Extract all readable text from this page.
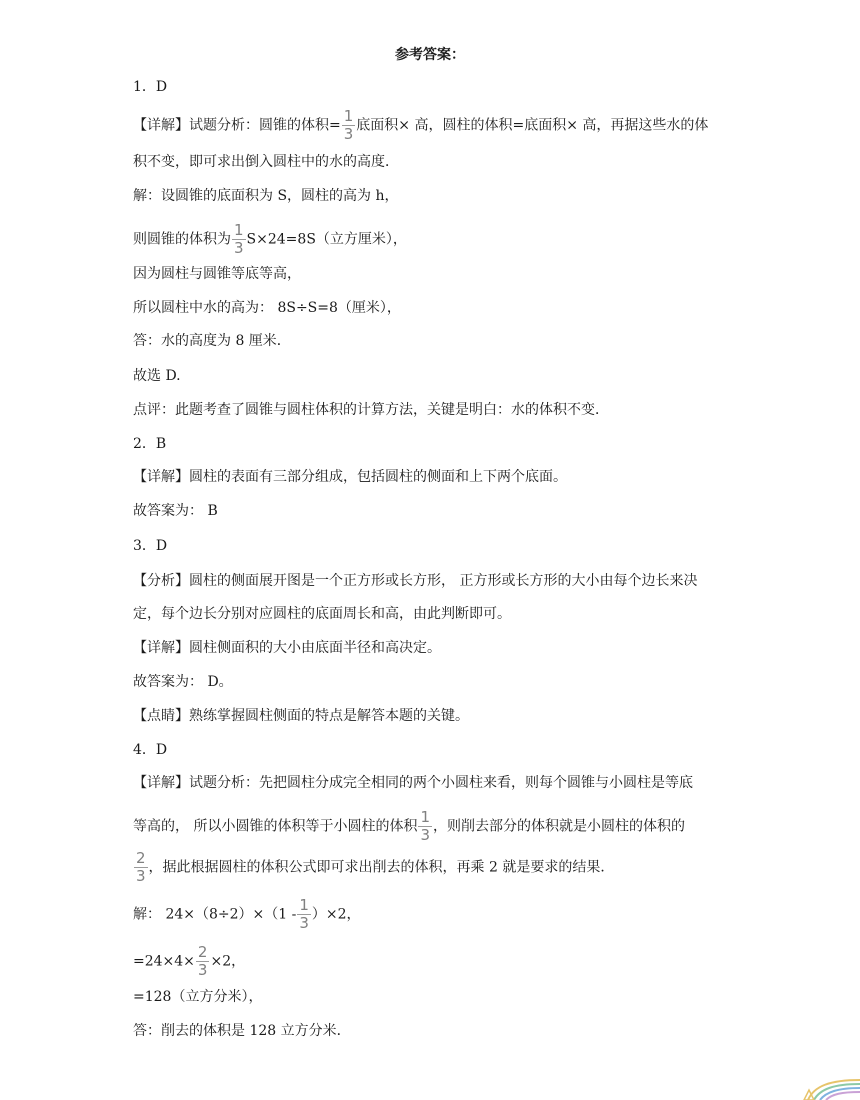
参考答案：
1．D
【详解】试题分析：圆锥的体积= $\frac{1}{3}$ 底面积× 高，圆柱的体积=底面积× 高，再据这些水的体
积不变，即可求出倒入圆柱中的水的高度．
解：设圆锥的底面积为 S，圆柱的高为 h，
则圆锥的体积为 $\frac{1}{3} S\times 24=8S$（立方厘米），
因为圆柱与圆锥等底等高，
所以圆柱中水的高为： 8S÷S=8（厘米），
答：水的高度为 8 厘米．
故选 D.
点评：此题考查了圆锥与圆柱体积的计算方法，关键是明白：水的体积不变．
2．B
【详解】圆柱的表面有三部分组成，包括圆柱的侧面和上下两个底面。
故答案为： B
3．D
【分析】圆柱的侧面展开图是一个正方形或长方形， 正方形或长方形的大小由每个边长来决
定，每个边长分别对应圆柱的底面周长和高，由此判断即可。
【详解】圆柱侧面积的大小由底面半径和高决定。
故答案为： D。
【点睛】熟练掌握圆柱侧面的特点是解答本题的关键。
4．D
【详解】试题分析：先把圆柱分成完全相同的两个小圆柱来看，则每个圆锥与小圆柱是等底
等高的， 所以小圆锥的体积等于小圆柱的体积 $\frac{1}{3}$ ，则削去部分的体积就是小圆柱的体积的
$\frac{2}{3}$ ，据此根据圆柱的体积公式即可求出削去的体积，再乘 2 就是要求的结果．
解： $24\times(8\div 2)\times(1 - \frac{1}{3} )\times 2$，
$=24\times 4\times \frac{2}{3} \times 2$，
=128（立方分米），
答：削去的体积是 128 立方分米．
